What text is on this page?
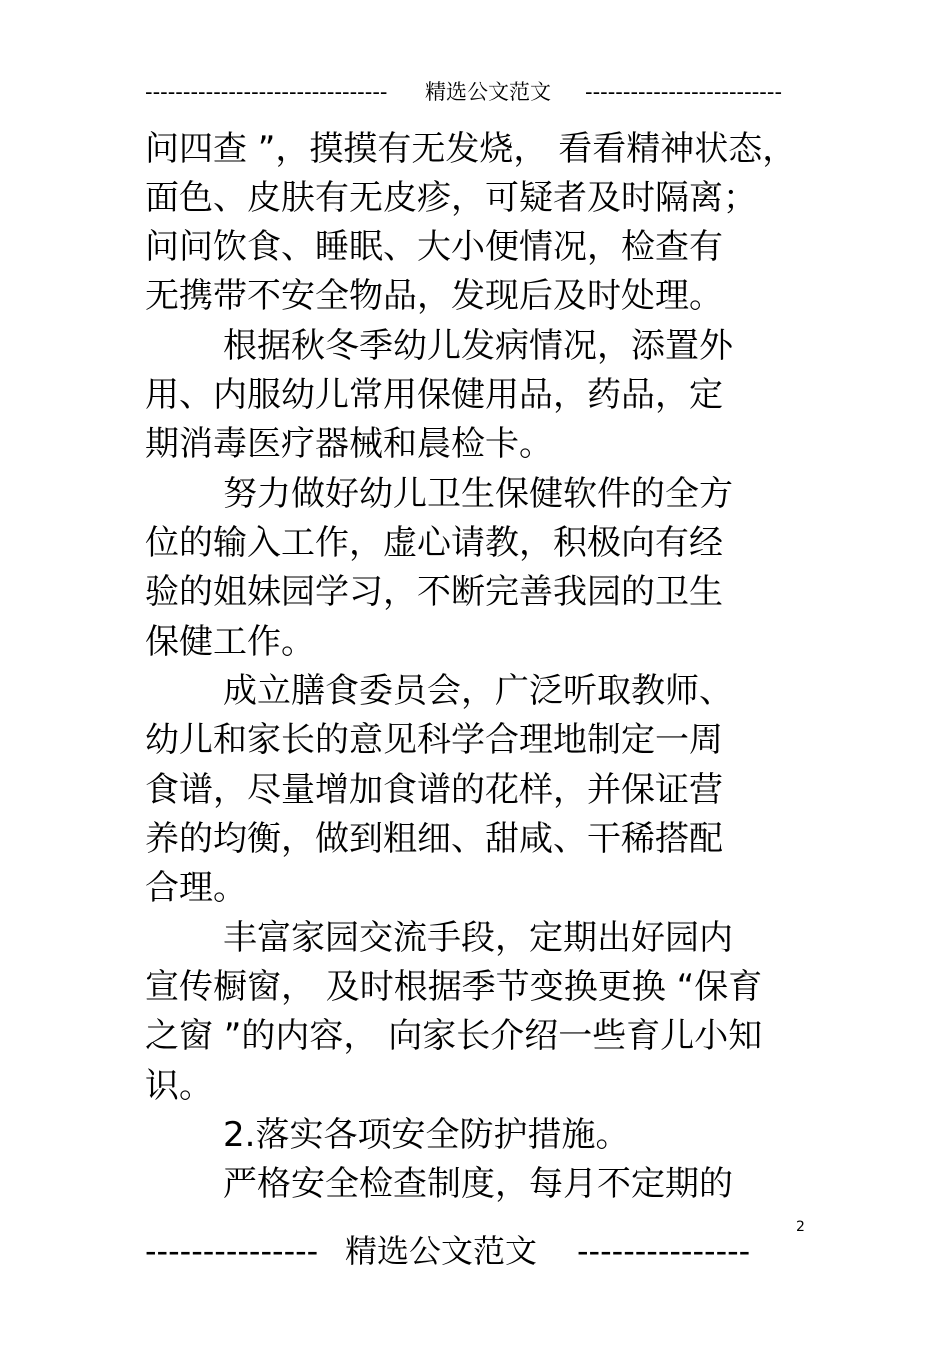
-------------------------------- 精选公文范文 --------------------------
问四查 ”，摸摸有无发烧， 看看精神状态，
面色、皮肤有无皮疹，可疑者及时隔离；
问问饮食、睡眠、大小便情况，检查有
无携带不安全物品，发现后及时处理。
根据秋冬季幼儿发病情况，添置外
用、内服幼儿常用保健用品，药品，定
期消毒医疗器械和晨检卡。
努力做好幼儿卫生保健软件的全方
位的输入工作，虚心请教，积极向有经
验的姐妹园学习，不断完善我园的卫生
保健工作。
成立膳食委员会，广泛听取教师、
幼儿和家长的意见科学合理地制定一周
食谱，尽量增加食谱的花样，并保证营
养的均衡，做到粗细、甜咸、干稀搭配
合理。
丰富家园交流手段，定期出好园内
宣传橱窗， 及时根据季节变换更换 “保育
之窗 ”的内容， 向家长介绍一些育儿小知
识。
2.落实各项安全防护措施。
严格安全检查制度，每月不定期的
2
--------------- 精选公文范文 ---------------
